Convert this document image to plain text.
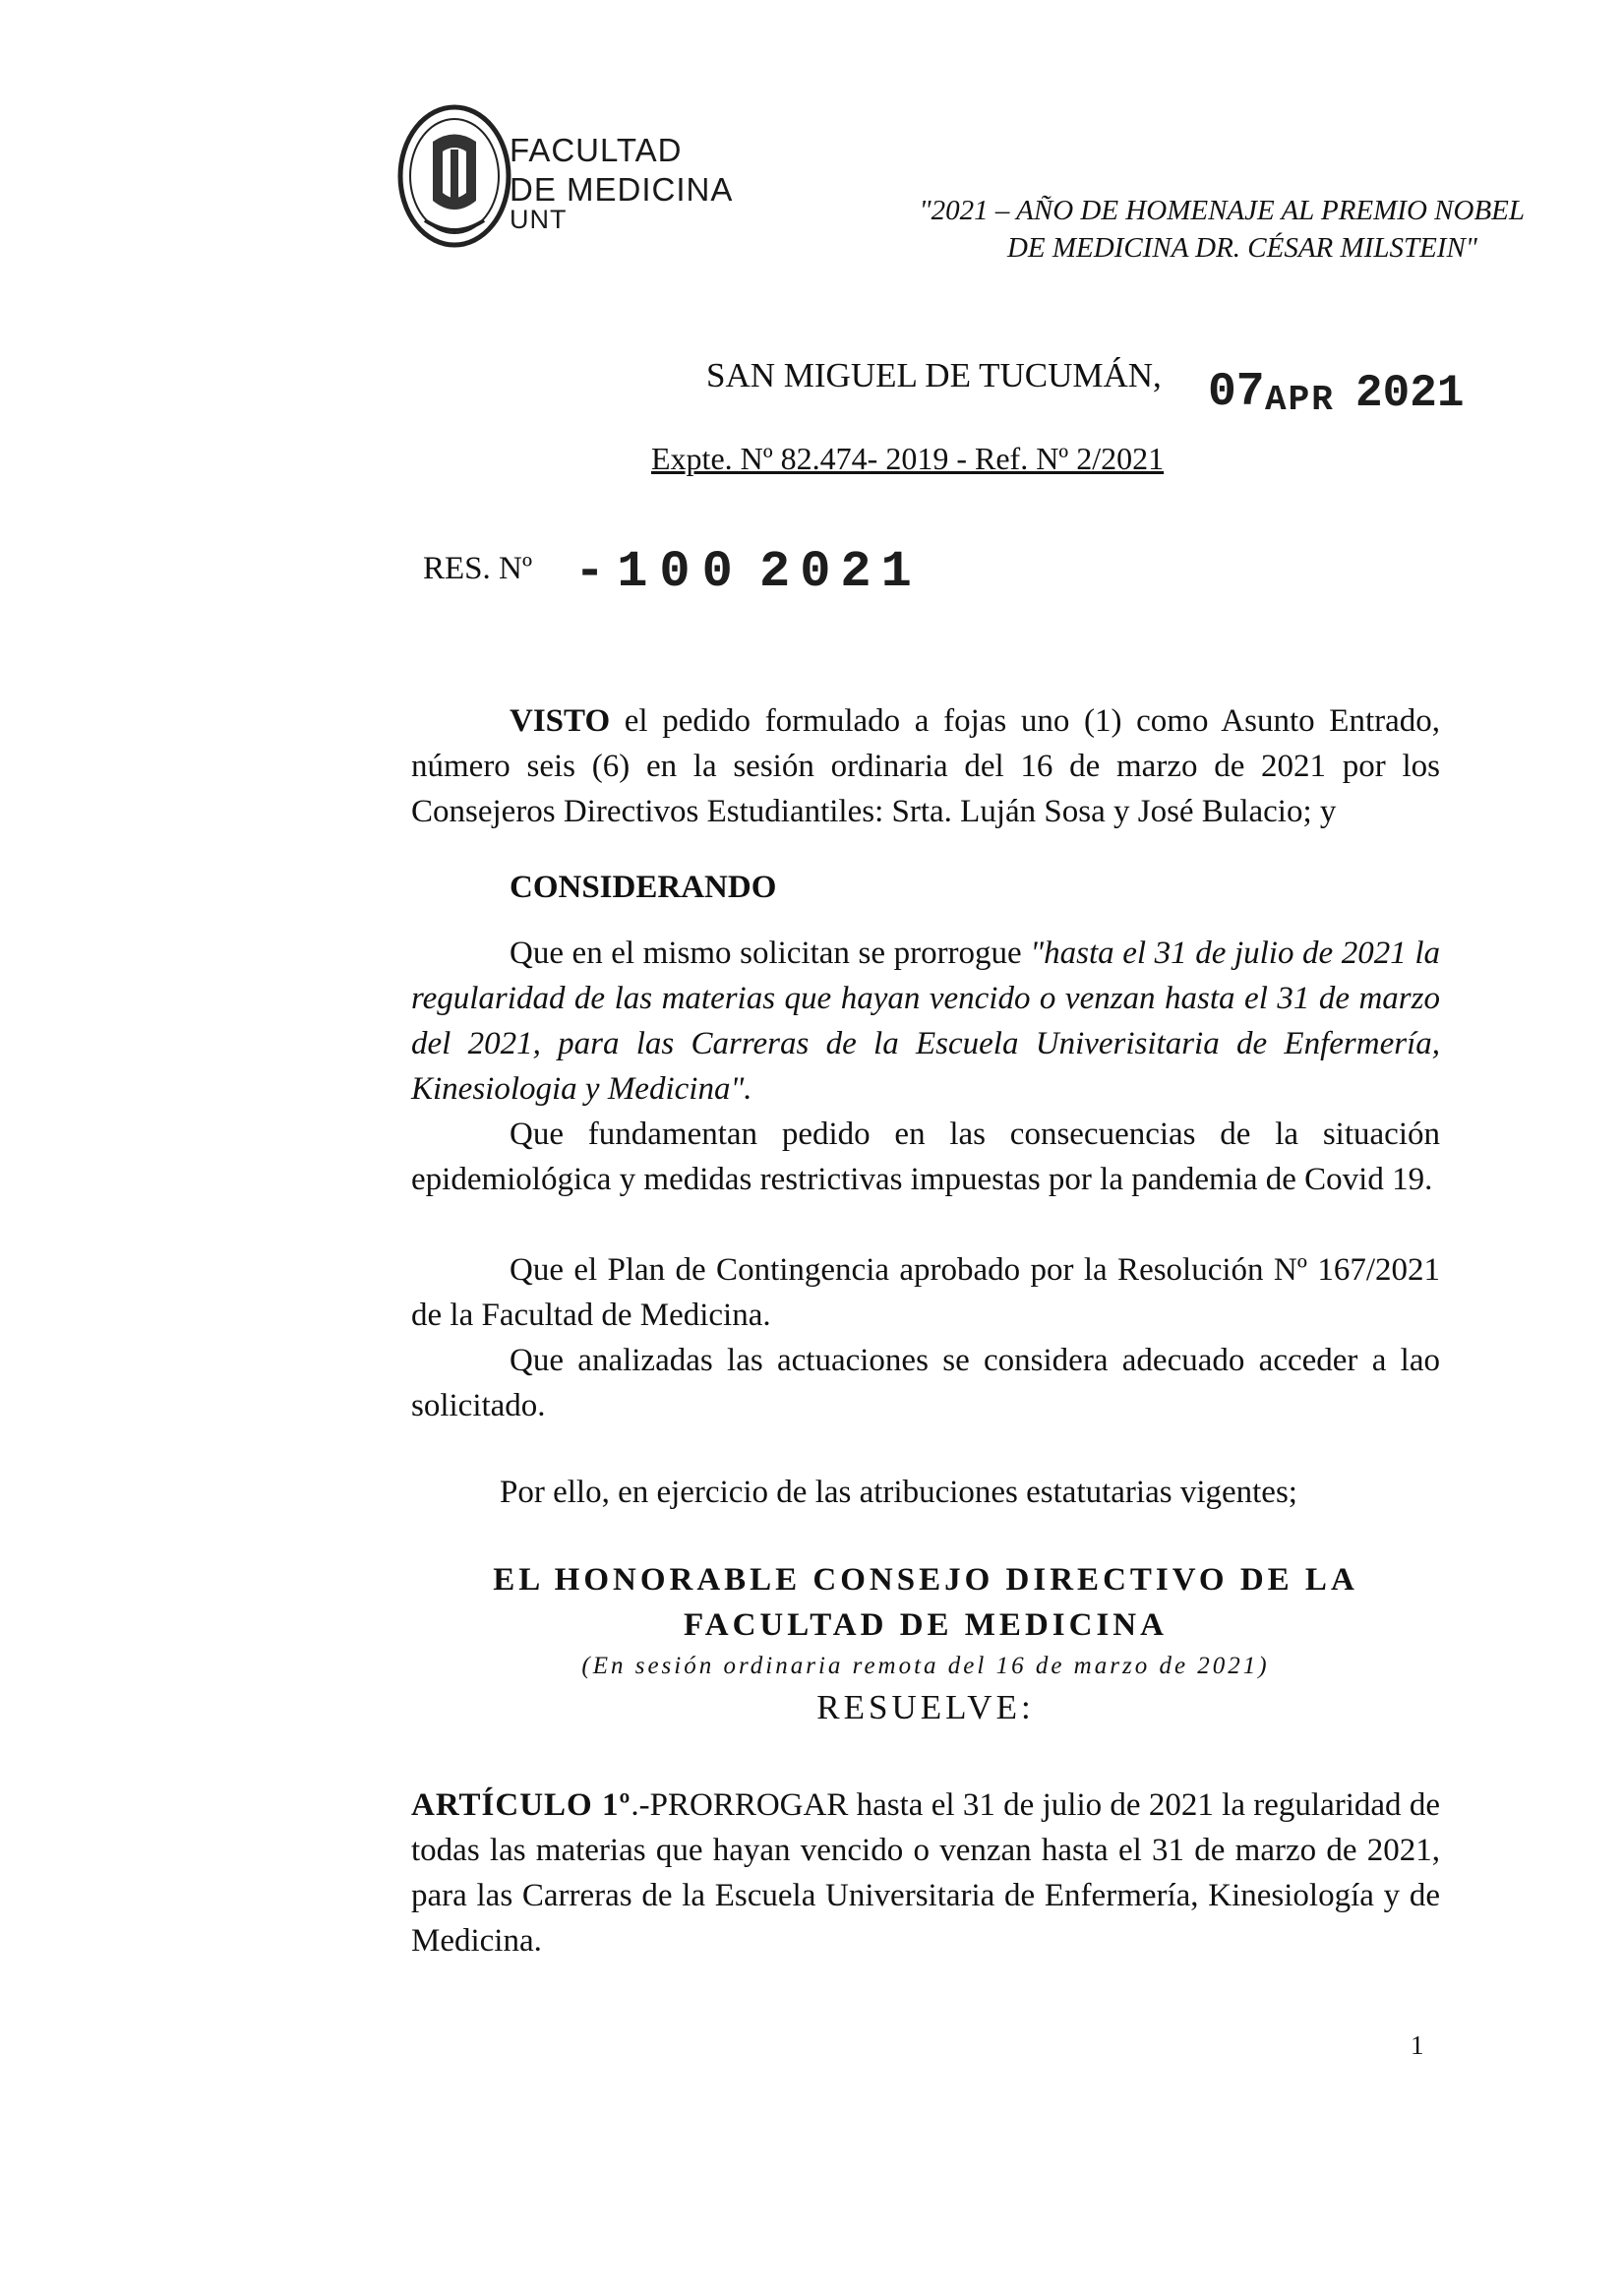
FACULTAD
DE MEDICINA
UNT	"2021 – AÑO DE HOMENAJE AL PREMIO NOBEL
DE MEDICINA DR. CÉSAR MILSTEIN"
SAN MIGUEL DE TUCUMÁN, 07 APR 2021
Expte. Nº 82.474- 2019 - Ref. Nº 2/2021
RES. Nº -100 2021
VISTO el pedido formulado a fojas uno (1) como Asunto Entrado, número seis (6) en la sesión ordinaria del 16 de marzo de 2021 por los Consejeros Directivos Estudiantiles: Srta. Luján Sosa y José Bulacio; y
CONSIDERANDO
Que en el mismo solicitan se prorrogue "hasta el 31 de julio de 2021 la regularidad de las materias que hayan vencido o venzan hasta el 31 de marzo del 2021, para las Carreras de la Escuela Univerisitaria de Enfermería, Kinesiologia y Medicina".
Que fundamentan pedido en las consecuencias de la situación epidemiológica y medidas restrictivas impuestas por la pandemia de Covid 19.
Que el Plan de Contingencia aprobado por la Resolución Nº 167/2021 de la Facultad de Medicina.
Que analizadas las actuaciones se considera adecuado acceder a lao solicitado.
Por ello, en ejercicio de las atribuciones estatutarias vigentes;
EL HONORABLE CONSEJO DIRECTIVO DE LA
FACULTAD DE MEDICINA
(En sesión ordinaria remota del 16 de marzo de 2021)
RESUELVE:
ARTÍCULO 1º.-PRORROGAR hasta el 31 de julio de 2021 la regularidad de todas las materias que hayan vencido o venzan hasta el 31 de marzo de 2021, para las Carreras de la Escuela Universitaria de Enfermería, Kinesiología y de Medicina.
1
